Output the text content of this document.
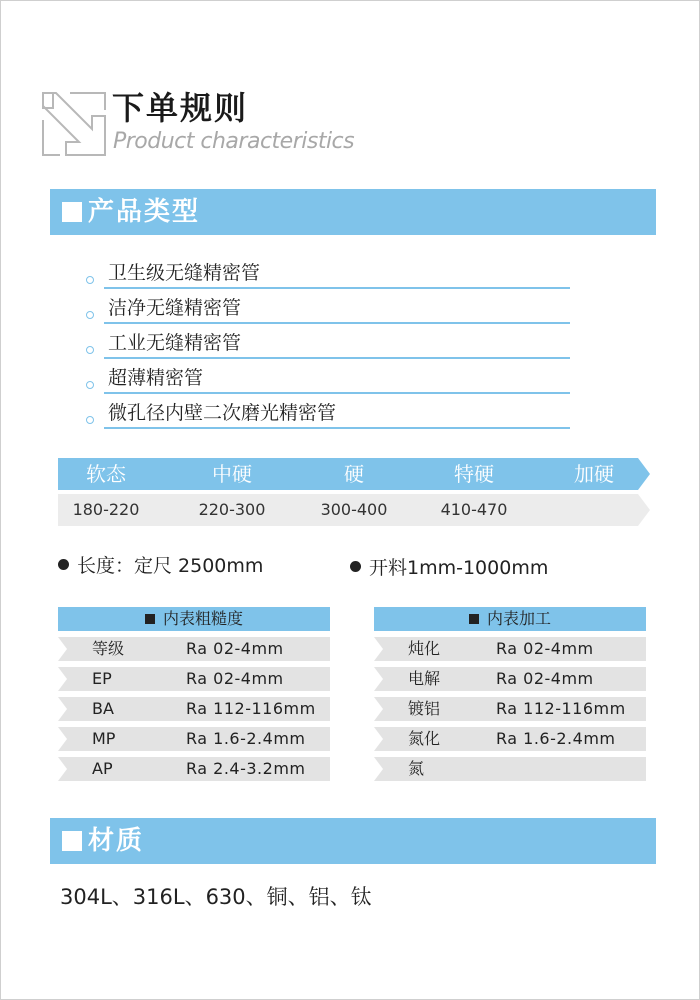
下单规则
Product characteristics
产品类型
卫生级无缝精密管
洁净无缝精密管
工业无缝精密管
超薄精密管
微孔径内壁二次磨光精密管
软态	中硬	硬	特硬	加硬
180-220	220-300	300-400	410-470
长度：定尺 2500mm	开料1mm-1000mm
内表粗糙度
等级	Ra 02-4mm
EP	Ra 02-4mm
BA	Ra 112-116mm
MP	Ra 1.6-2.4mm
AP	Ra 2.4-3.2mm
内表加工
炖化	Ra 02-4mm
电解	Ra 02-4mm
镀铝	Ra 112-116mm
氮化	Ra 1.6-2.4mm
氮
材质
304L、316L、630、铜、铝、钛
